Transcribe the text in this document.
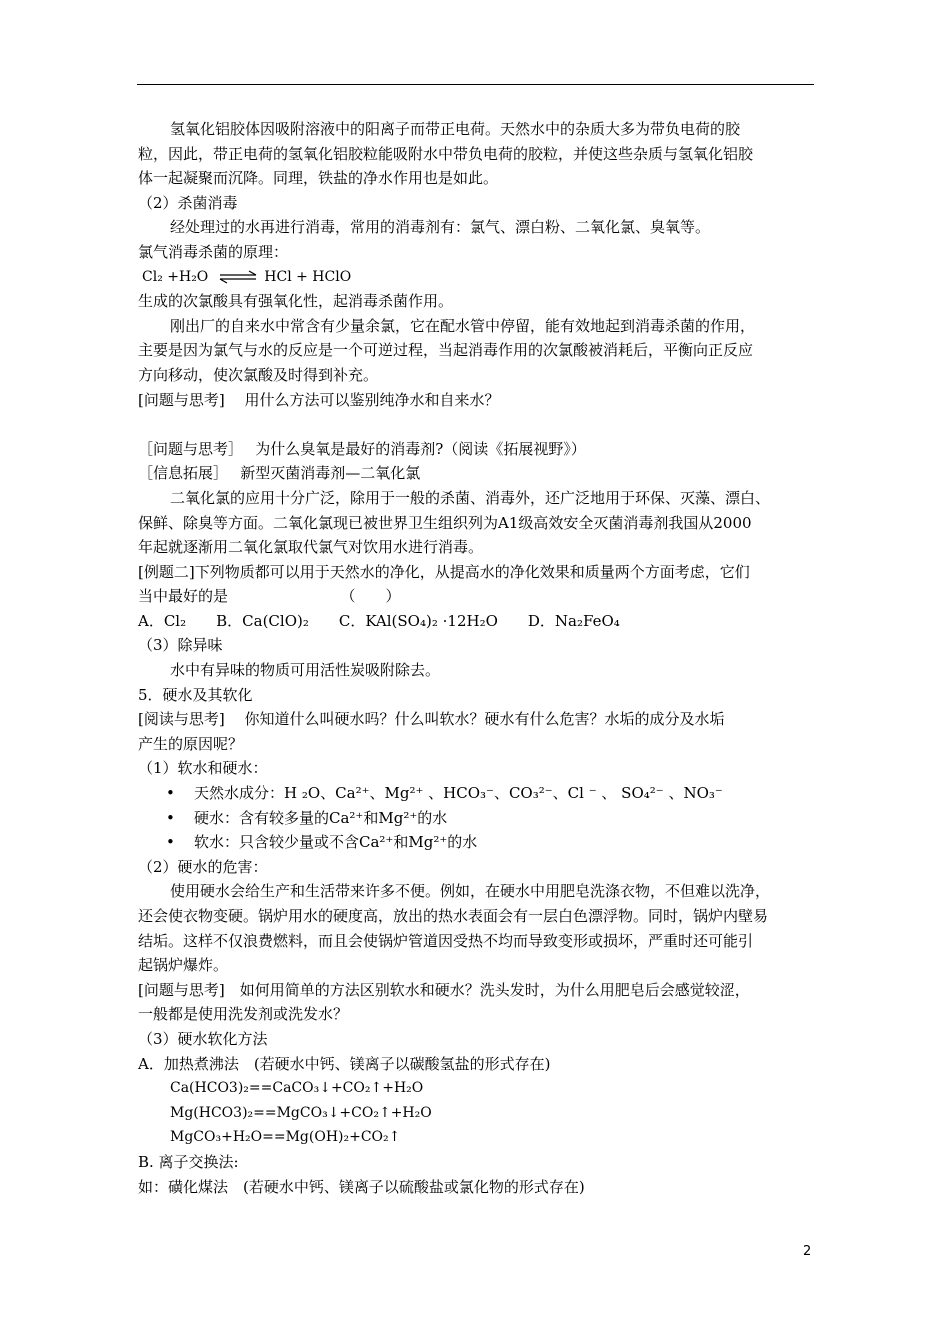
氢氧化铝胶体因吸附溶液中的阳离子而带正电荷。天然水中的杂质大多为带负电荷的胶
粒，因此，带正电荷的氢氧化铝胶粒能吸附水中带负电荷的胶粒，并使这些杂质与氢氧化铝胶
体一起凝聚而沉降。同理，铁盐的净水作用也是如此。
（2）杀菌消毒
经处理过的水再进行消毒，常用的消毒剂有：氯气、漂白粉、二氧化氯、臭氧等。
氯气消毒杀菌的原理：
Cl₂ +H₂O ⇌ HCl + HClO
生成的次氯酸具有强氧化性，起消毒杀菌作用。
刚出厂的自来水中常含有少量余氯，它在配水管中停留，能有效地起到消毒杀菌的作用，
主要是因为氯气与水的反应是一个可逆过程，当起消毒作用的次氯酸被消耗后，平衡向正反应
方向移动，使次氯酸及时得到补充。
[问题与思考]　 用什么方法可以鉴别纯净水和自来水？
［问题与思考］　 为什么臭氧是最好的消毒剂?（阅读《拓展视野》）
［信息拓展］　 新型灭菌消毒剂—二氧化氯
二氧化氯的应用十分广泛，除用于一般的杀菌、消毒外，还广泛地用于环保、灭藻、漂白、
保鲜、除臭等方面。二氧化氯现已被世界卫生组织列为A1级高效安全灭菌消毒剂我国从2000
年起就逐渐用二氧化氯取代氯气对饮用水进行消毒。
[例题二]下列物质都可以用于天然水的净化，从提高水的净化效果和质量两个方面考虑，它们
当中最好的是　　　　　　　　（　　）
A．Cl₂　　B．Ca(ClO)₂　　C．KAl(SO₄)₂ ·12H₂O　　D．Na₂FeO₄
（3）除异味
水中有异味的物质可用活性炭吸附除去。
5．硬水及其软化
[阅读与思考]　 你知道什么叫硬水吗？什么叫软水？硬水有什么危害？水垢的成分及水垢
产生的原因呢？
（1）软水和硬水：
• 天然水成分：H ₂O、Ca²⁺、Mg²⁺ 、HCO₃⁻、CO₃²⁻、Cl ⁻ 、 SO₄²⁻ 、NO₃⁻
• 硬水：含有较多量的Ca²⁺和Mg²⁺的水
• 软水：只含较少量或不含Ca²⁺和Mg²⁺的水
（2）硬水的危害：
使用硬水会给生产和生活带来许多不便。例如，在硬水中用肥皂洗涤衣物，不但难以洗净，
还会使衣物变硬。锅炉用水的硬度高，放出的热水表面会有一层白色漂浮物。同时，锅炉内壁易
结垢。这样不仅浪费燃料，而且会使锅炉管道因受热不均而导致变形或损坏，严重时还可能引
起锅炉爆炸。
[问题与思考]　如何用简单的方法区别软水和硬水？洗头发时，为什么用肥皂后会感觉较涩，
一般都是使用洗发剂或洗发水？
（3）硬水软化方法
A．加热煮沸法　(若硬水中钙、镁离子以碳酸氢盐的形式存在)
Ca(HCO3)₂==CaCO₃↓+CO₂↑+H₂O
Mg(HCO3)₂==MgCO₃↓+CO₂↑+H₂O
MgCO₃+H₂O==Mg(OH)₂+CO₂↑
B. 离子交换法:
如：磺化煤法　(若硬水中钙、镁离子以硫酸盐或氯化物的形式存在)
2
